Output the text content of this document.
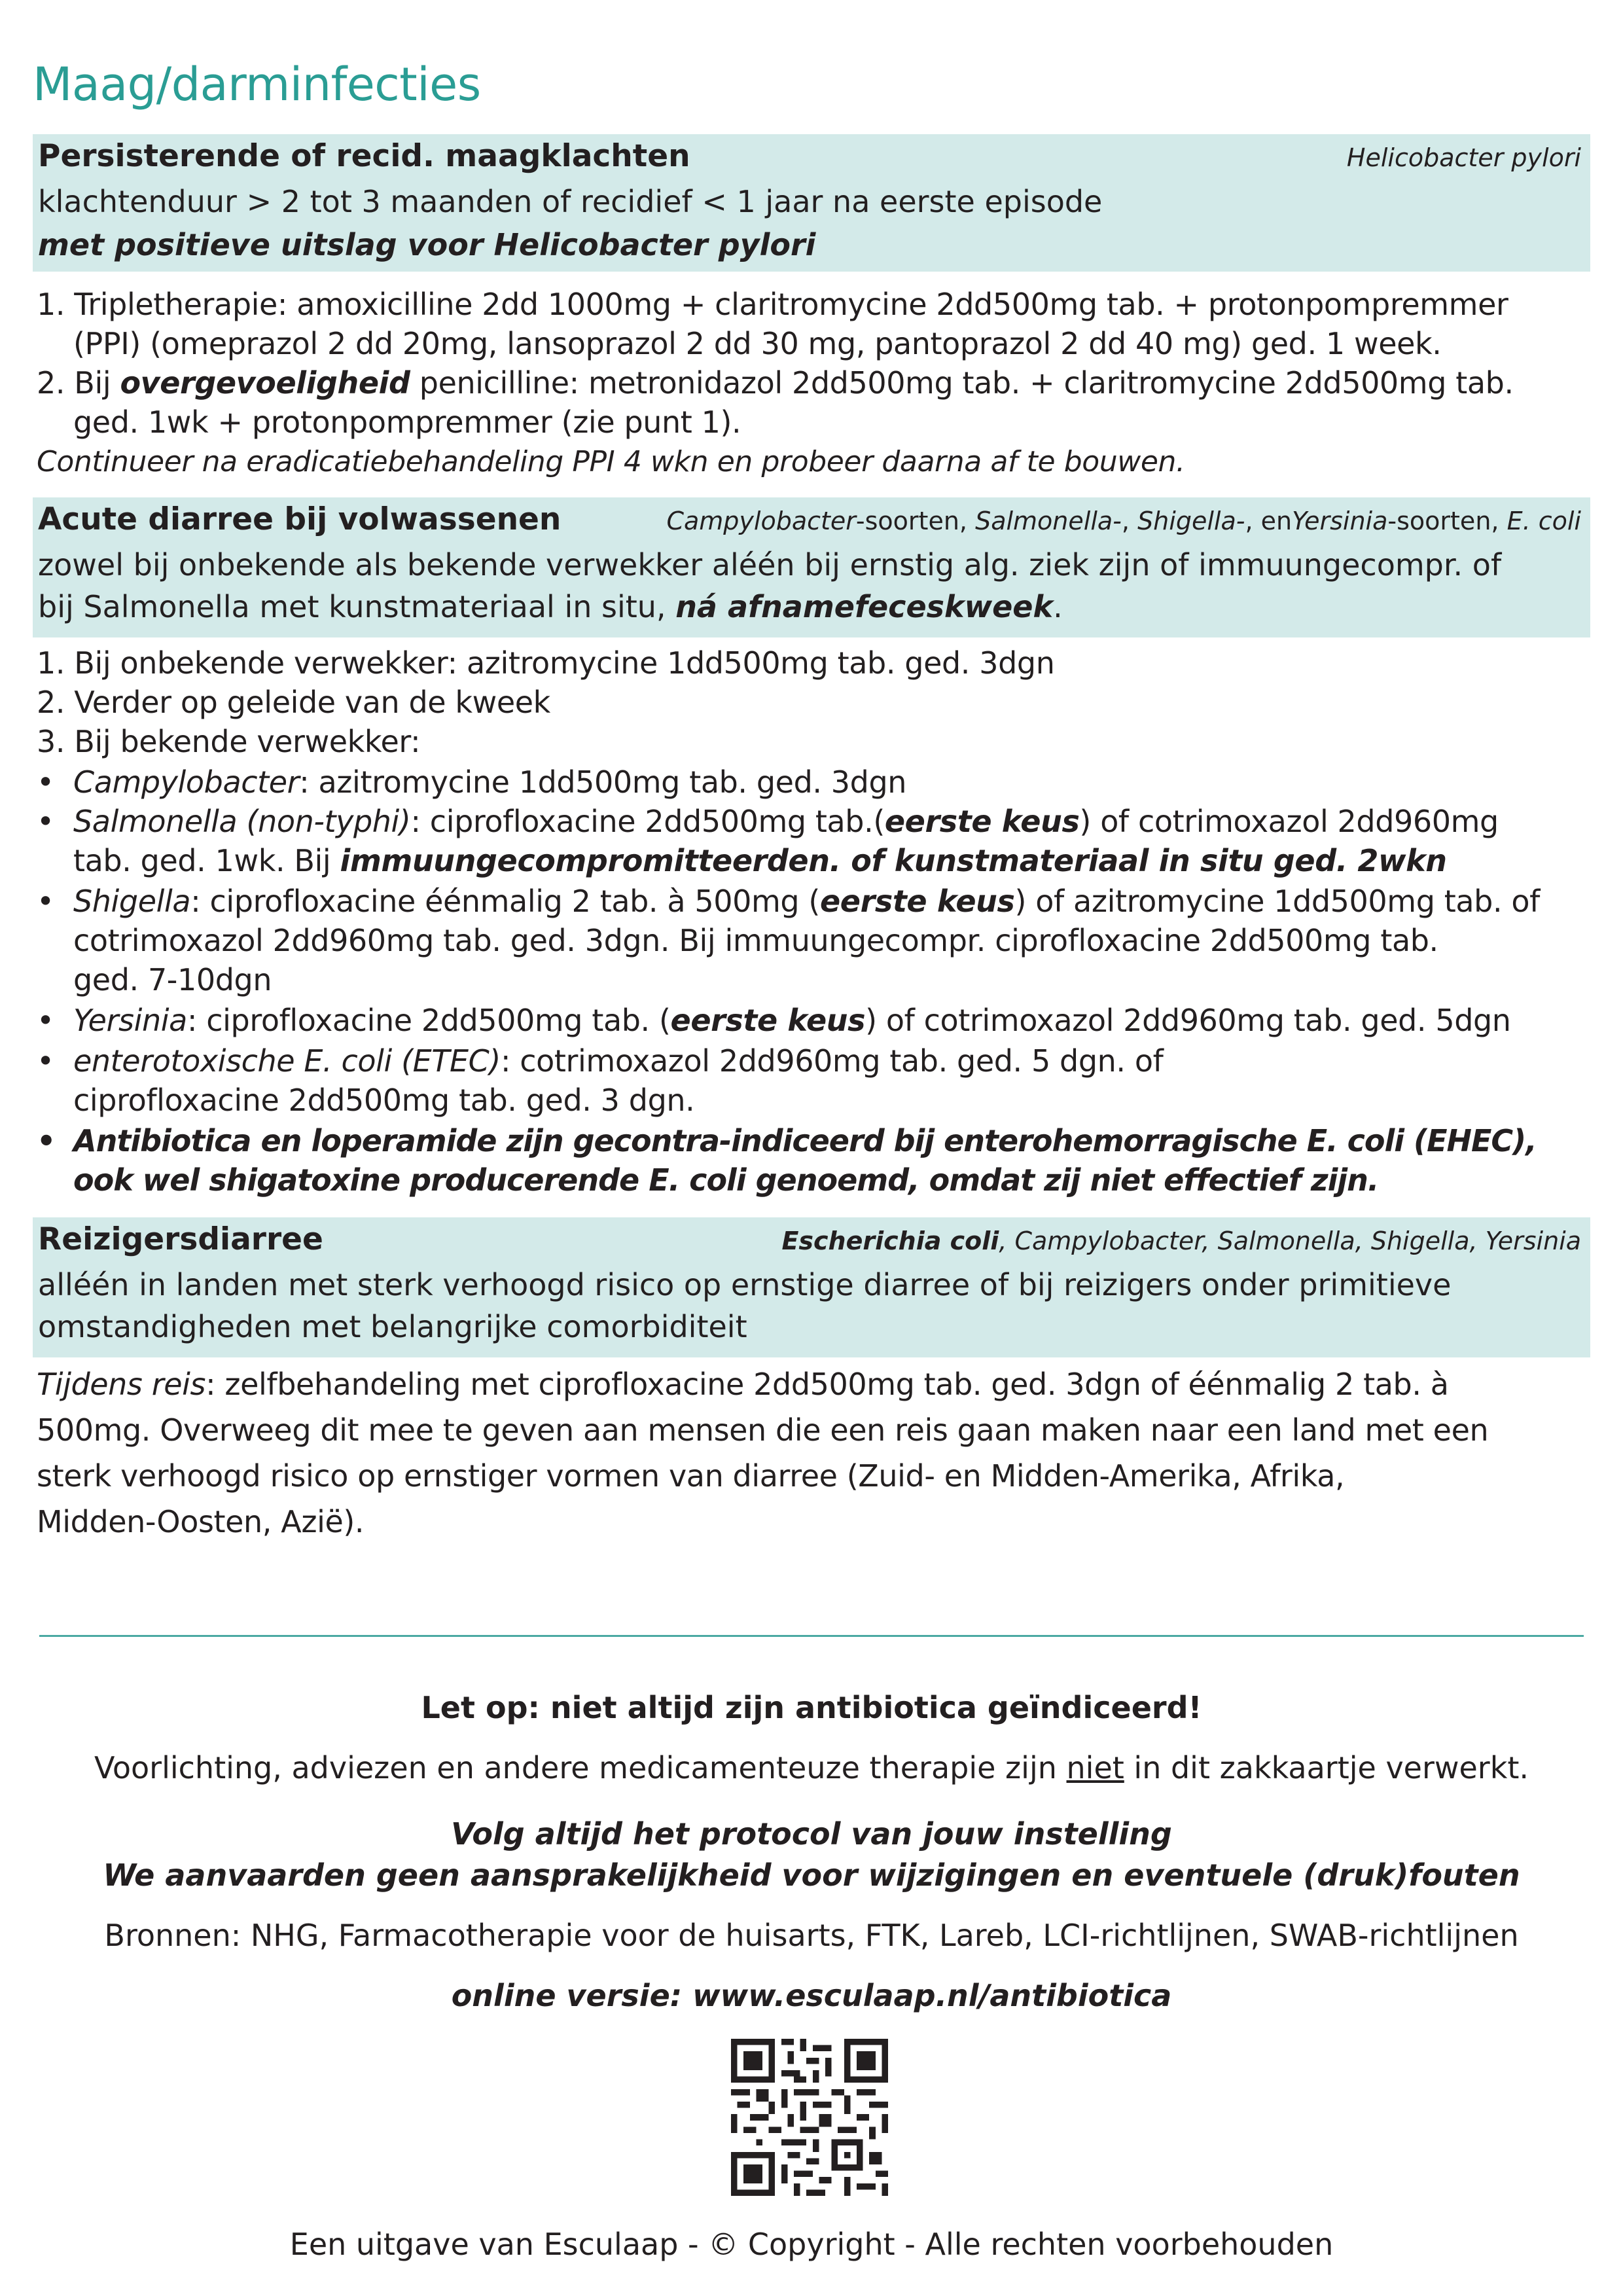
Maag/darminfecties
Persisterende of recid. maagklachten	Helicobacter pylori
klachtenduur > 2 tot 3 maanden of recidief < 1 jaar na eerste episode
met positieve uitslag voor Helicobacter pylori
1. Tripletherapie: amoxicilline 2dd 1000mg + claritromycine 2dd500mg tab. + protonpompremmer
(PPI) (omeprazol 2 dd 20mg, lansoprazol 2 dd 30 mg, pantoprazol 2 dd 40 mg) ged. 1 week.
2. Bij overgevoeligheid penicilline: metronidazol 2dd500mg tab. + claritromycine 2dd500mg tab.
ged. 1wk + protonpompremmer (zie punt 1).
Continueer na eradicatiebehandeling PPI 4 wkn en probeer daarna af te bouwen.
Acute diarree bij volwassenen	Campylobacter-soorten, Salmonella-, Shigella-, enYersinia-soorten, E. coli
zowel bij onbekende als bekende verwekker aléén bij ernstig alg. ziek zijn of immuungecompr. of
bij Salmonella met kunstmateriaal in situ, ná afnamefeceskweek.
1. Bij onbekende verwekker: azitromycine 1dd500mg tab. ged. 3dgn
2. Verder op geleide van de kweek
3. Bij bekende verwekker:
• Campylobacter: azitromycine 1dd500mg tab. ged. 3dgn
• Salmonella (non-typhi): ciprofloxacine 2dd500mg tab.(eerste keus) of cotrimoxazol 2dd960mg
tab. ged. 1wk. Bij immuungecompromitteerden. of kunstmateriaal in situ ged. 2wkn
• Shigella: ciprofloxacine éénmalig 2 tab. à 500mg (eerste keus) of azitromycine 1dd500mg tab. of
cotrimoxazol 2dd960mg tab. ged. 3dgn. Bij immuungecompr. ciprofloxacine 2dd500mg tab.
ged. 7-10dgn
• Yersinia: ciprofloxacine 2dd500mg tab. (eerste keus) of cotrimoxazol 2dd960mg tab. ged. 5dgn
• enterotoxische E. coli (ETEC): cotrimoxazol 2dd960mg tab. ged. 5 dgn. of
ciprofloxacine 2dd500mg tab. ged. 3 dgn.
• Antibiotica en loperamide zijn gecontra-indiceerd bij enterohemorragische E. coli (EHEC),
ook wel shigatoxine producerende E. coli genoemd, omdat zij niet effectief zijn.
Reizigersdiarree	Escherichia coli, Campylobacter, Salmonella, Shigella, Yersinia
alléén in landen met sterk verhoogd risico op ernstige diarree of bij reizigers onder primitieve
omstandigheden met belangrijke comorbiditeit
Tijdens reis: zelfbehandeling met ciprofloxacine 2dd500mg tab. ged. 3dgn of éénmalig 2 tab. à
500mg. Overweeg dit mee te geven aan mensen die een reis gaan maken naar een land met een
sterk verhoogd risico op ernstiger vormen van diarree (Zuid- en Midden-Amerika, Afrika,
Midden-Oosten, Azië).
Let op: niet altijd zijn antibiotica geïndiceerd!
Voorlichting, adviezen en andere medicamenteuze therapie zijn niet in dit zakkaartje verwerkt.
Volg altijd het protocol van jouw instelling
We aanvaarden geen aansprakelijkheid voor wijzigingen en eventuele (druk)fouten
Bronnen: NHG, Farmacotherapie voor de huisarts, FTK, Lareb, LCI-richtlijnen, SWAB-richtlijnen
online versie: www.esculaap.nl/antibiotica
Een uitgave van Esculaap - © Copyright - Alle rechten voorbehouden
